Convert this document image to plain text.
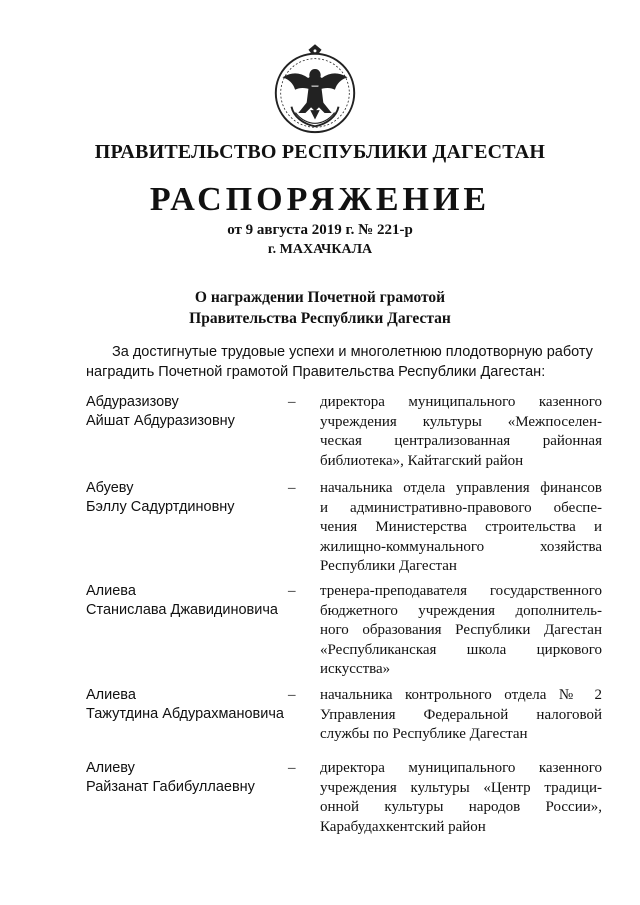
ПРАВИТЕЛЬСТВО РЕСПУБЛИКИ ДАГЕСТАН
РАСПОРЯЖЕНИЕ
от 9 августа 2019 г. № 221-р
г. МАХАЧКАЛА
О награждении Почетной грамотой
Правительства Республики Дагестан

За достигнутые трудовые успехи и многолетнюю плодотворную работу

наградить Почетной грамотой Правительства Республики Дагестан:

Абдуразизову
Айшат Абдуразизовну
–	директора муниципального казенного
учреждения культуры «Межпоселен-
ческая централизованная районная
библиотека», Кайтагский район
Абуеву
Бэллу Садуртдиновну
–	начальника отдела управления финансов
и административно-правового обеспе-
чения Министерства строительства и
жилищно-коммунального хозяйства
Республики Дагестан
Алиева
Станислава Джавидиновича
–	тренера-преподавателя государственного
бюджетного учреждения дополнитель-
ного образования Республики Дагестан
«Республиканская школа циркового
искусства»
Алиева
Тажутдина Абдурахмановича
–	начальника контрольного отдела № 2
Управления Федеральной налоговой
службы по Республике Дагестан
Алиеву
Райзанат Габибуллаевну
–	директора муниципального казенного
учреждения культуры «Центр традици-
онной культуры народов России»,
Карабудахкентский район
